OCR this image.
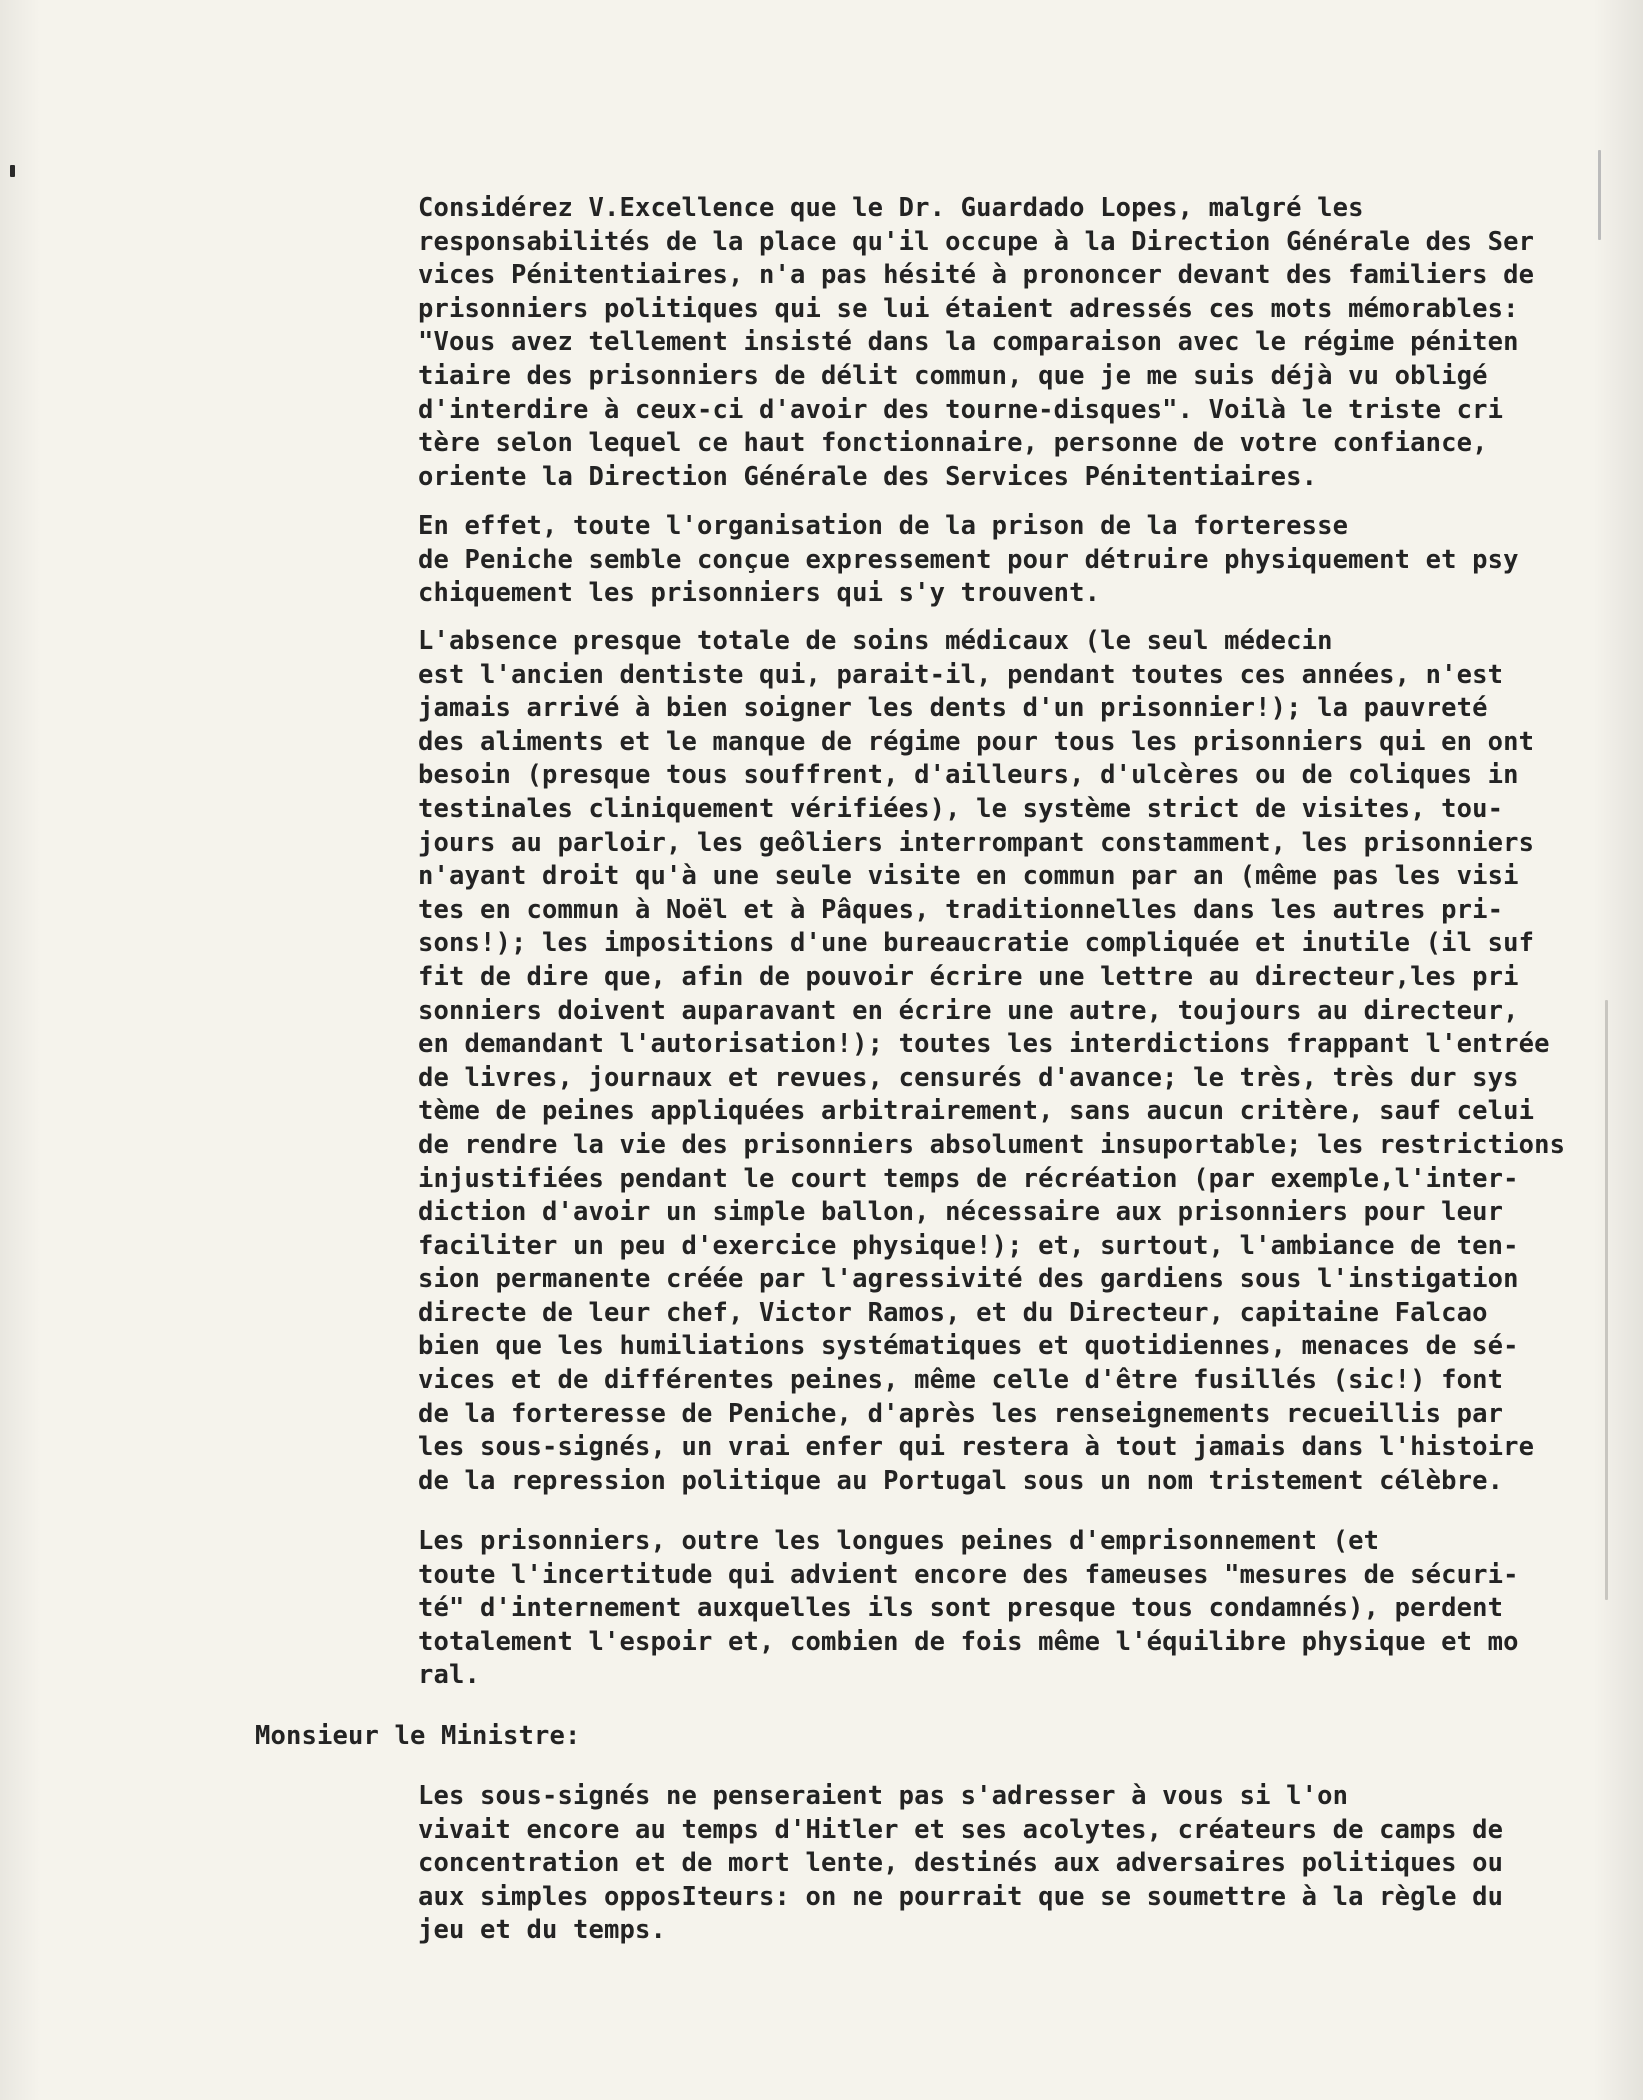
Considérez V.Excellence que le Dr. Guardado Lopes, malgré les
responsabilités de la place qu'il occupe à la Direction Générale des Ser
vices Pénitentiaires, n'a pas hésité à prononcer devant des familiers de
prisonniers politiques qui se lui étaient adressés ces mots mémorables:
"Vous avez tellement insisté dans la comparaison avec le régime péniten
tiaire des prisonniers de délit commun, que je me suis déjà vu obligé
d'interdire à ceux-ci d'avoir des tourne-disques". Voilà le triste cri
tère selon lequel ce haut fonctionnaire, personne de votre confiance,
oriente la Direction Générale des Services Pénitentiaires.

En effet, toute l'organisation de la prison de la forteresse
de Peniche semble conçue expressement pour détruire physiquement et psy
chiquement les prisonniers qui s'y trouvent.

L'absence presque totale de soins médicaux (le seul médecin
est l'ancien dentiste qui, parait-il, pendant toutes ces années, n'est
jamais arrivé à bien soigner les dents d'un prisonnier!); la pauvreté
des aliments et le manque de régime pour tous les prisonniers qui en ont
besoin (presque tous souffrent, d'ailleurs, d'ulcères ou de coliques in
testinales cliniquement vérifiées), le système strict de visites, tou-
jours au parloir, les geôliers interrompant constamment, les prisonniers
n'ayant droit qu'à une seule visite en commun par an (même pas les visi
tes en commun à Noël et à Pâques, traditionnelles dans les autres pri-
sons!); les impositions d'une bureaucratie compliquée et inutile (il suf
fit de dire que, afin de pouvoir écrire une lettre au directeur,les pri
sonniers doivent auparavant en écrire une autre, toujours au directeur,
en demandant l'autorisation!); toutes les interdictions frappant l'entrée
de livres, journaux et revues, censurés d'avance; le très, très dur sys
tème de peines appliquées arbitrairement, sans aucun critère, sauf celui
de rendre la vie des prisonniers absolument insuportable; les restrictions
injustifiées pendant le court temps de récréation (par exemple,l'inter-
diction d'avoir un simple ballon, nécessaire aux prisonniers pour leur
faciliter un peu d'exercice physique!); et, surtout, l'ambiance de ten-
sion permanente créée par l'agressivité des gardiens sous l'instigation
directe de leur chef, Victor Ramos, et du Directeur, capitaine Falcao
bien que les humiliations systématiques et quotidiennes, menaces de sé-
vices et de différentes peines, même celle d'être fusillés (sic!) font
de la forteresse de Peniche, d'après les renseignements recueillis par
les sous-signés, un vrai enfer qui restera à tout jamais dans l'histoire
de la repression politique au Portugal sous un nom tristement célèbre.

Les prisonniers, outre les longues peines d'emprisonnement (et
toute l'incertitude qui advient encore des fameuses "mesures de sécuri-
té" d'internement auxquelles ils sont presque tous condamnés), perdent
totalement l'espoir et, combien de fois même l'équilibre physique et mo
ral.

Monsieur le Ministre:

Les sous-signés ne penseraient pas s'adresser à vous si l'on
vivait encore au temps d'Hitler et ses acolytes, créateurs de camps de
concentration et de mort lente, destinés aux adversaires politiques ou
aux simples opposIteurs: on ne pourrait que se soumettre à la règle du
jeu et du temps.
